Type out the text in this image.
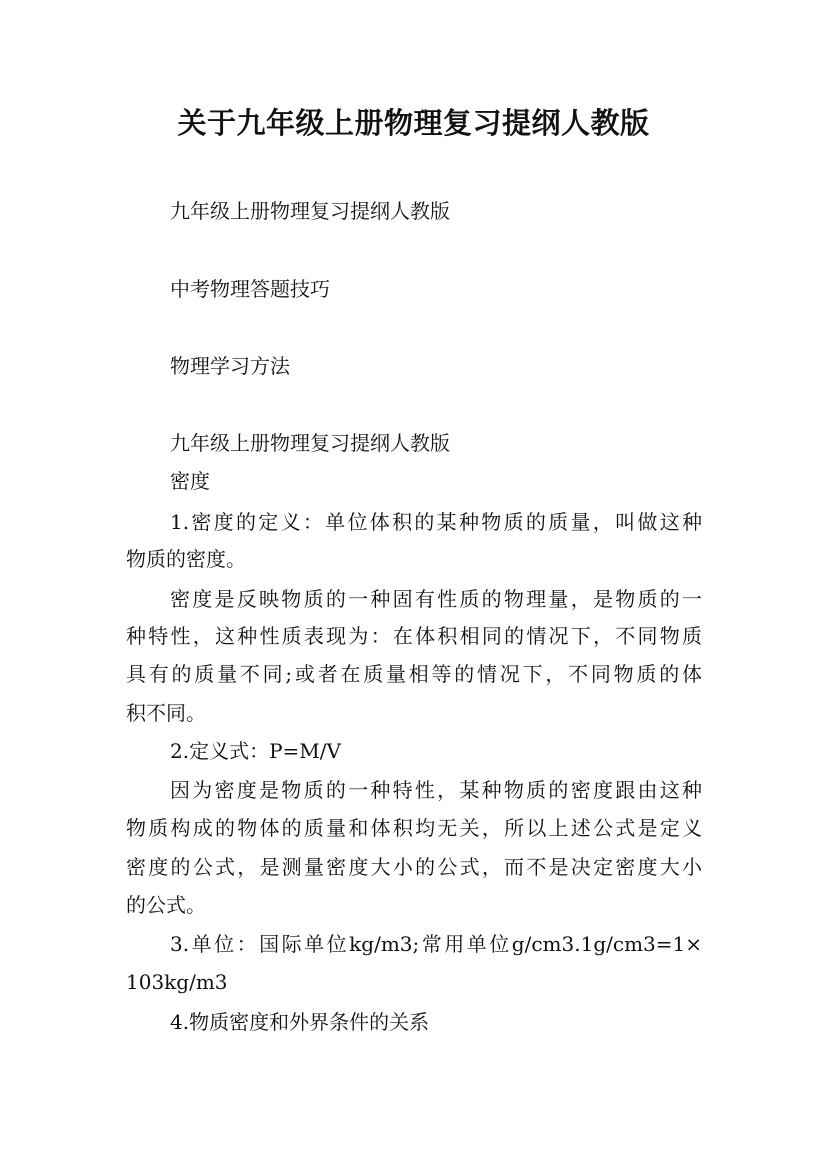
关于九年级上册物理复习提纲人教版
九年级上册物理复习提纲人教版
中考物理答题技巧
物理学习方法
九年级上册物理复习提纲人教版
密度
1.密度的定义：单位体积的某种物质的质量，叫做这种
物质的密度。
密度是反映物质的一种固有性质的物理量，是物质的一
种特性，这种性质表现为：在体积相同的情况下，不同物质
具有的质量不同;或者在质量相等的情况下，不同物质的体
积不同。
2.定义式：P=M/V
因为密度是物质的一种特性，某种物质的密度跟由这种
物质构成的物体的质量和体积均无关，所以上述公式是定义
密度的公式，是测量密度大小的公式，而不是决定密度大小
的公式。
3.单位：国际单位kg/m3;常用单位g/cm3.1g/cm3=1×
103kg/m3
4.物质密度和外界条件的关系
